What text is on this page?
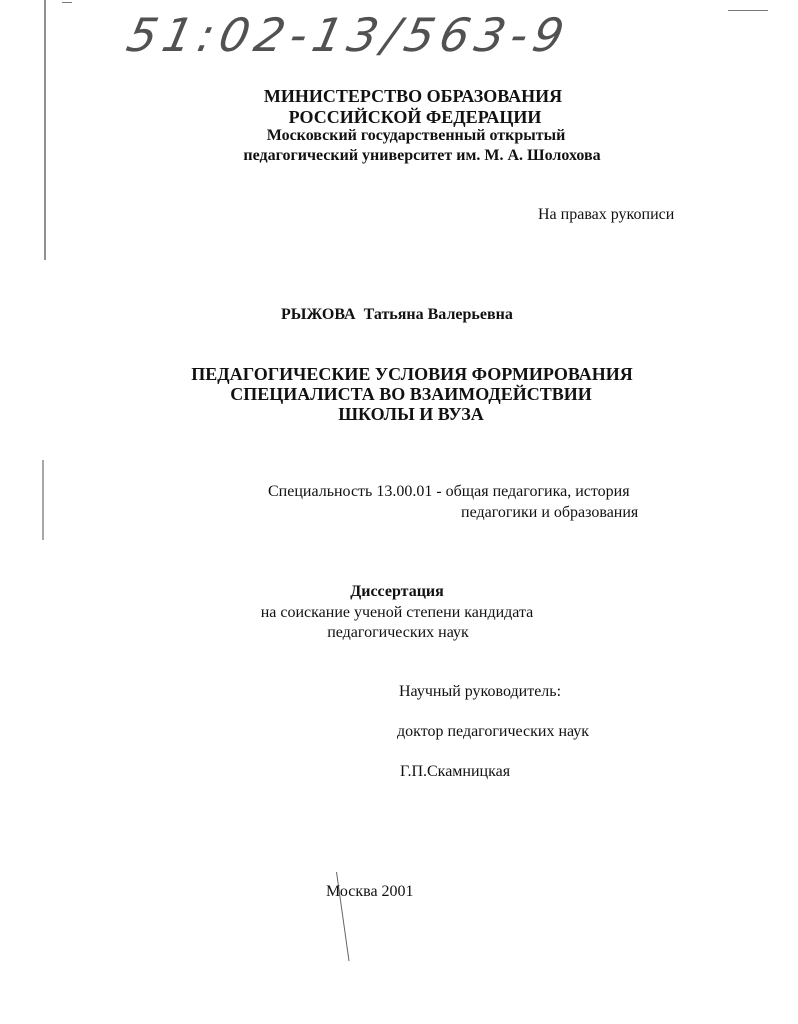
51:02-13/563-9
МИНИСТЕРСТВО ОБРАЗОВАНИЯ
РОССИЙСКОЙ ФЕДЕРАЦИИ
Московский государственный открытый
педагогический университет им. М. А. Шолохова
На правах рукописи
РЫЖОВА Татьяна Валерьевна
ПЕДАГОГИЧЕСКИЕ УСЛОВИЯ ФОРМИРОВАНИЯ
СПЕЦИАЛИСТА ВО ВЗАИМОДЕЙСТВИИ
ШКОЛЫ И ВУЗА
Специальность 13.00.01 - общая педагогика, история
педагогики и образования
Диссертация
на соискание ученой степени кандидата
педагогических наук
Научный руководитель:
доктор педагогических наук
Г.П.Скамницкая
Москва 2001
